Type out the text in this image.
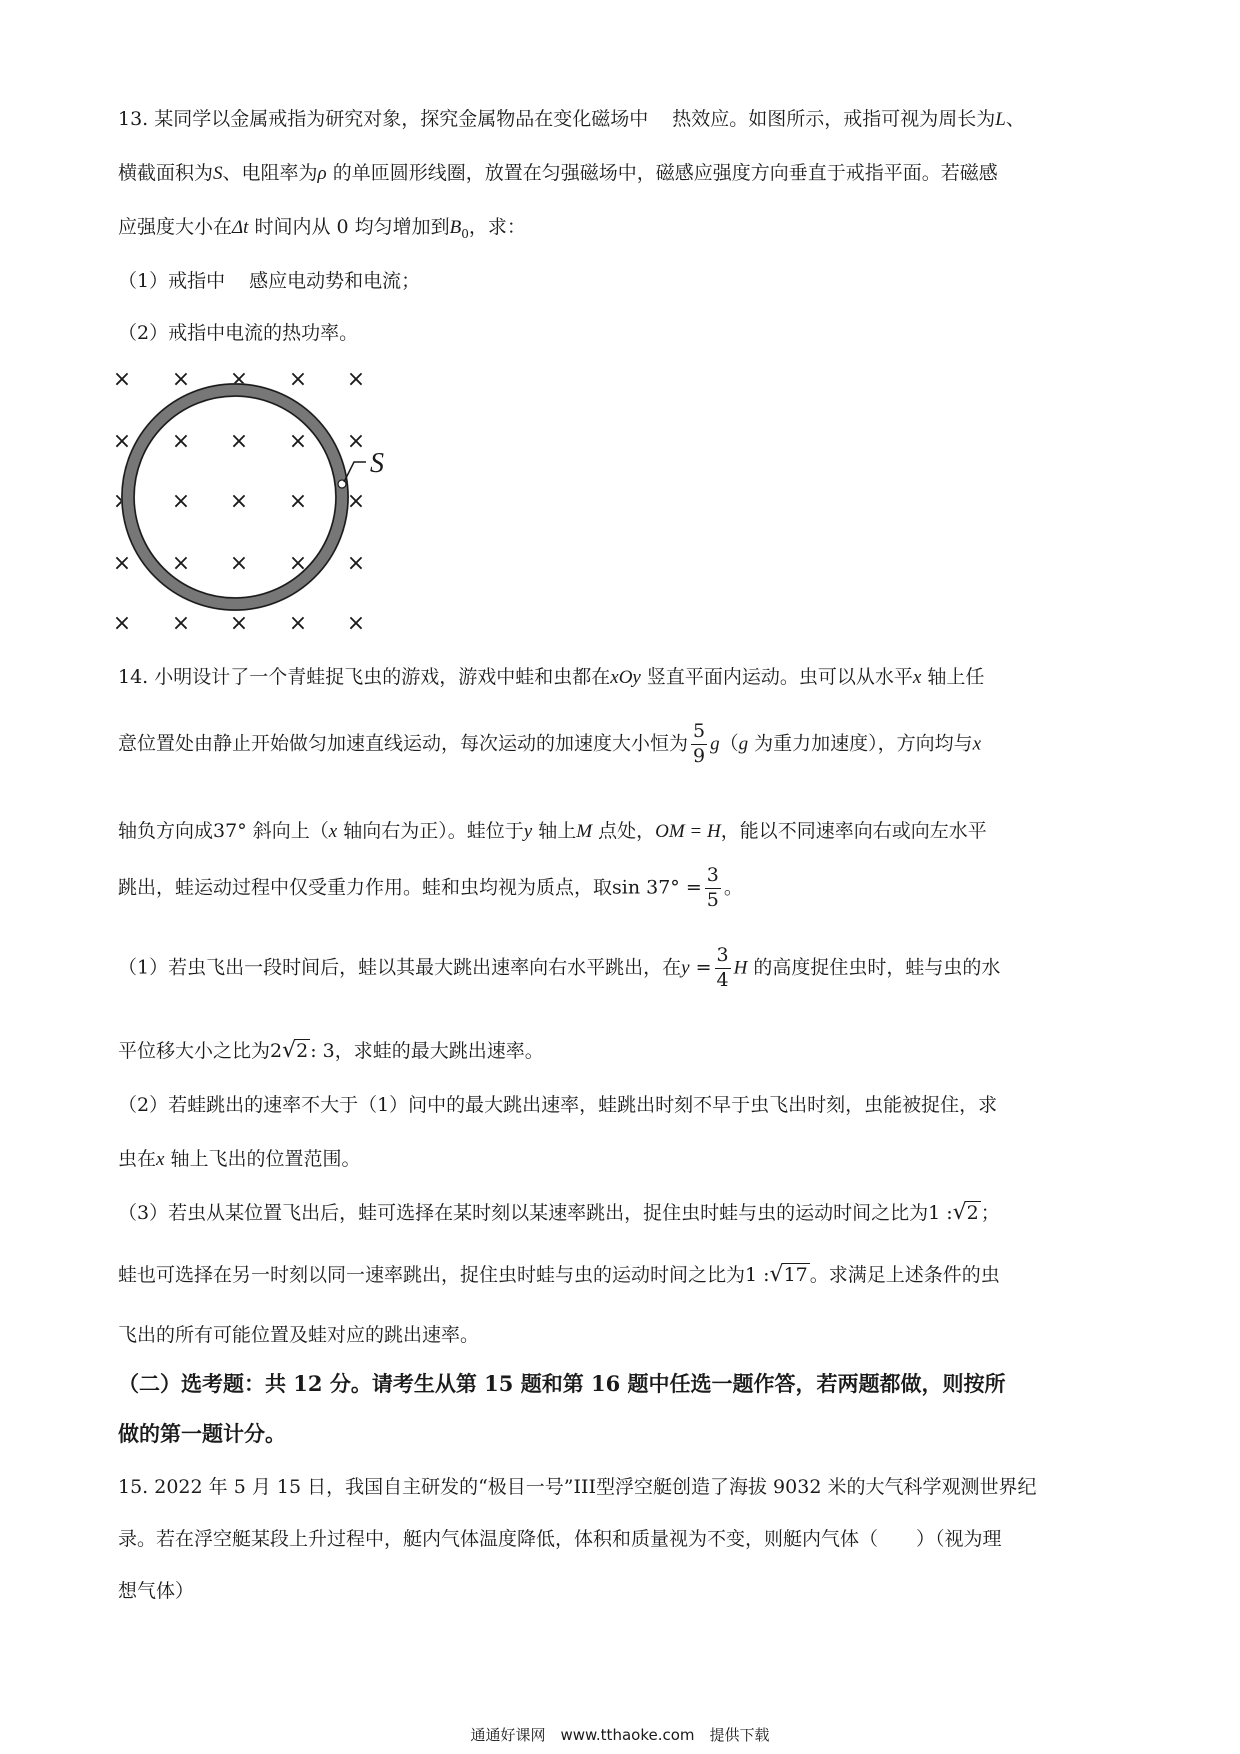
13. 某同学以金属戒指为研究对象，探究金属物品在变化磁场中 热效应。如图所示，戒指可视为周长为L、
横截面积为S、电阻率为ρ 的单匝圆形线圈，放置在匀强磁场中，磁感应强度方向垂直于戒指平面。若磁感
应强度大小在Δt 时间内从 0 均匀增加到$B_0$，求：
（1）戒指中 感应电动势和电流；
（2）戒指中电流的热功率。
× × × × ×
× × × × ×
× × × × ×
× × × × ×
× × × × ×
S
14. 小明设计了一个青蛙捉飞虫的游戏，游戏中蛙和虫都在xOy 竖直平面内运动。虫可以从水平x 轴上任
意位置处由静止开始做匀加速直线运动，每次运动的加速度大小恒为 $\frac{5}{9} g(g$ 为重力加速度），方向均与x
轴负方向成37° 斜向上（x 轴向右为正）。蛙位于y 轴上M 点处，OM = H，能以不同速率向右或向左水平
跳出，蛙运动过程中仅受重力作用。蛙和虫均视为质点，取$\sin 37^\circ = \frac{3}{5}$ 。
（1）若虫飞出一段时间后，蛙以其最大跳出速率向右水平跳出，在$y = \frac{3}{4}$ H 的高度捉住虫时，蛙与虫的水
平位移大小之比为2√2 : 3，求蛙的最大跳出速率。
（2）若蛙跳出的速率不大于（1）问中的最大跳出速率，蛙跳出时刻不早于虫飞出时刻，虫能被捉住，求
虫在x 轴上飞出的位置范围。
（3）若虫从某位置飞出后，蛙可选择在某时刻以某速率跳出，捉住虫时蛙与虫的运动时间之比为1 :√2 ；
蛙也可选择在另一时刻以同一速率跳出，捉住虫时蛙与虫的运动时间之比为1 :√17 。求满足上述条件的虫
飞出的所有可能位置及蛙对应的跳出速率。
（二）选考题：共 12 分。请考生从第 15 题和第 16 题中任选一题作答，若两题都做，则按所
做的第一题计分。
15. 2022 年 5 月 15 日，我国自主研发的“极目一号”III型浮空艇创造了海拔 9032 米的大气科学观测世界纪
录。若在浮空艇某段上升过程中，艇内气体温度降低，体积和质量视为不变，则艇内气体（　　）（视为理
想气体）
通通好课网　www.tthaoke.com　提供下载
